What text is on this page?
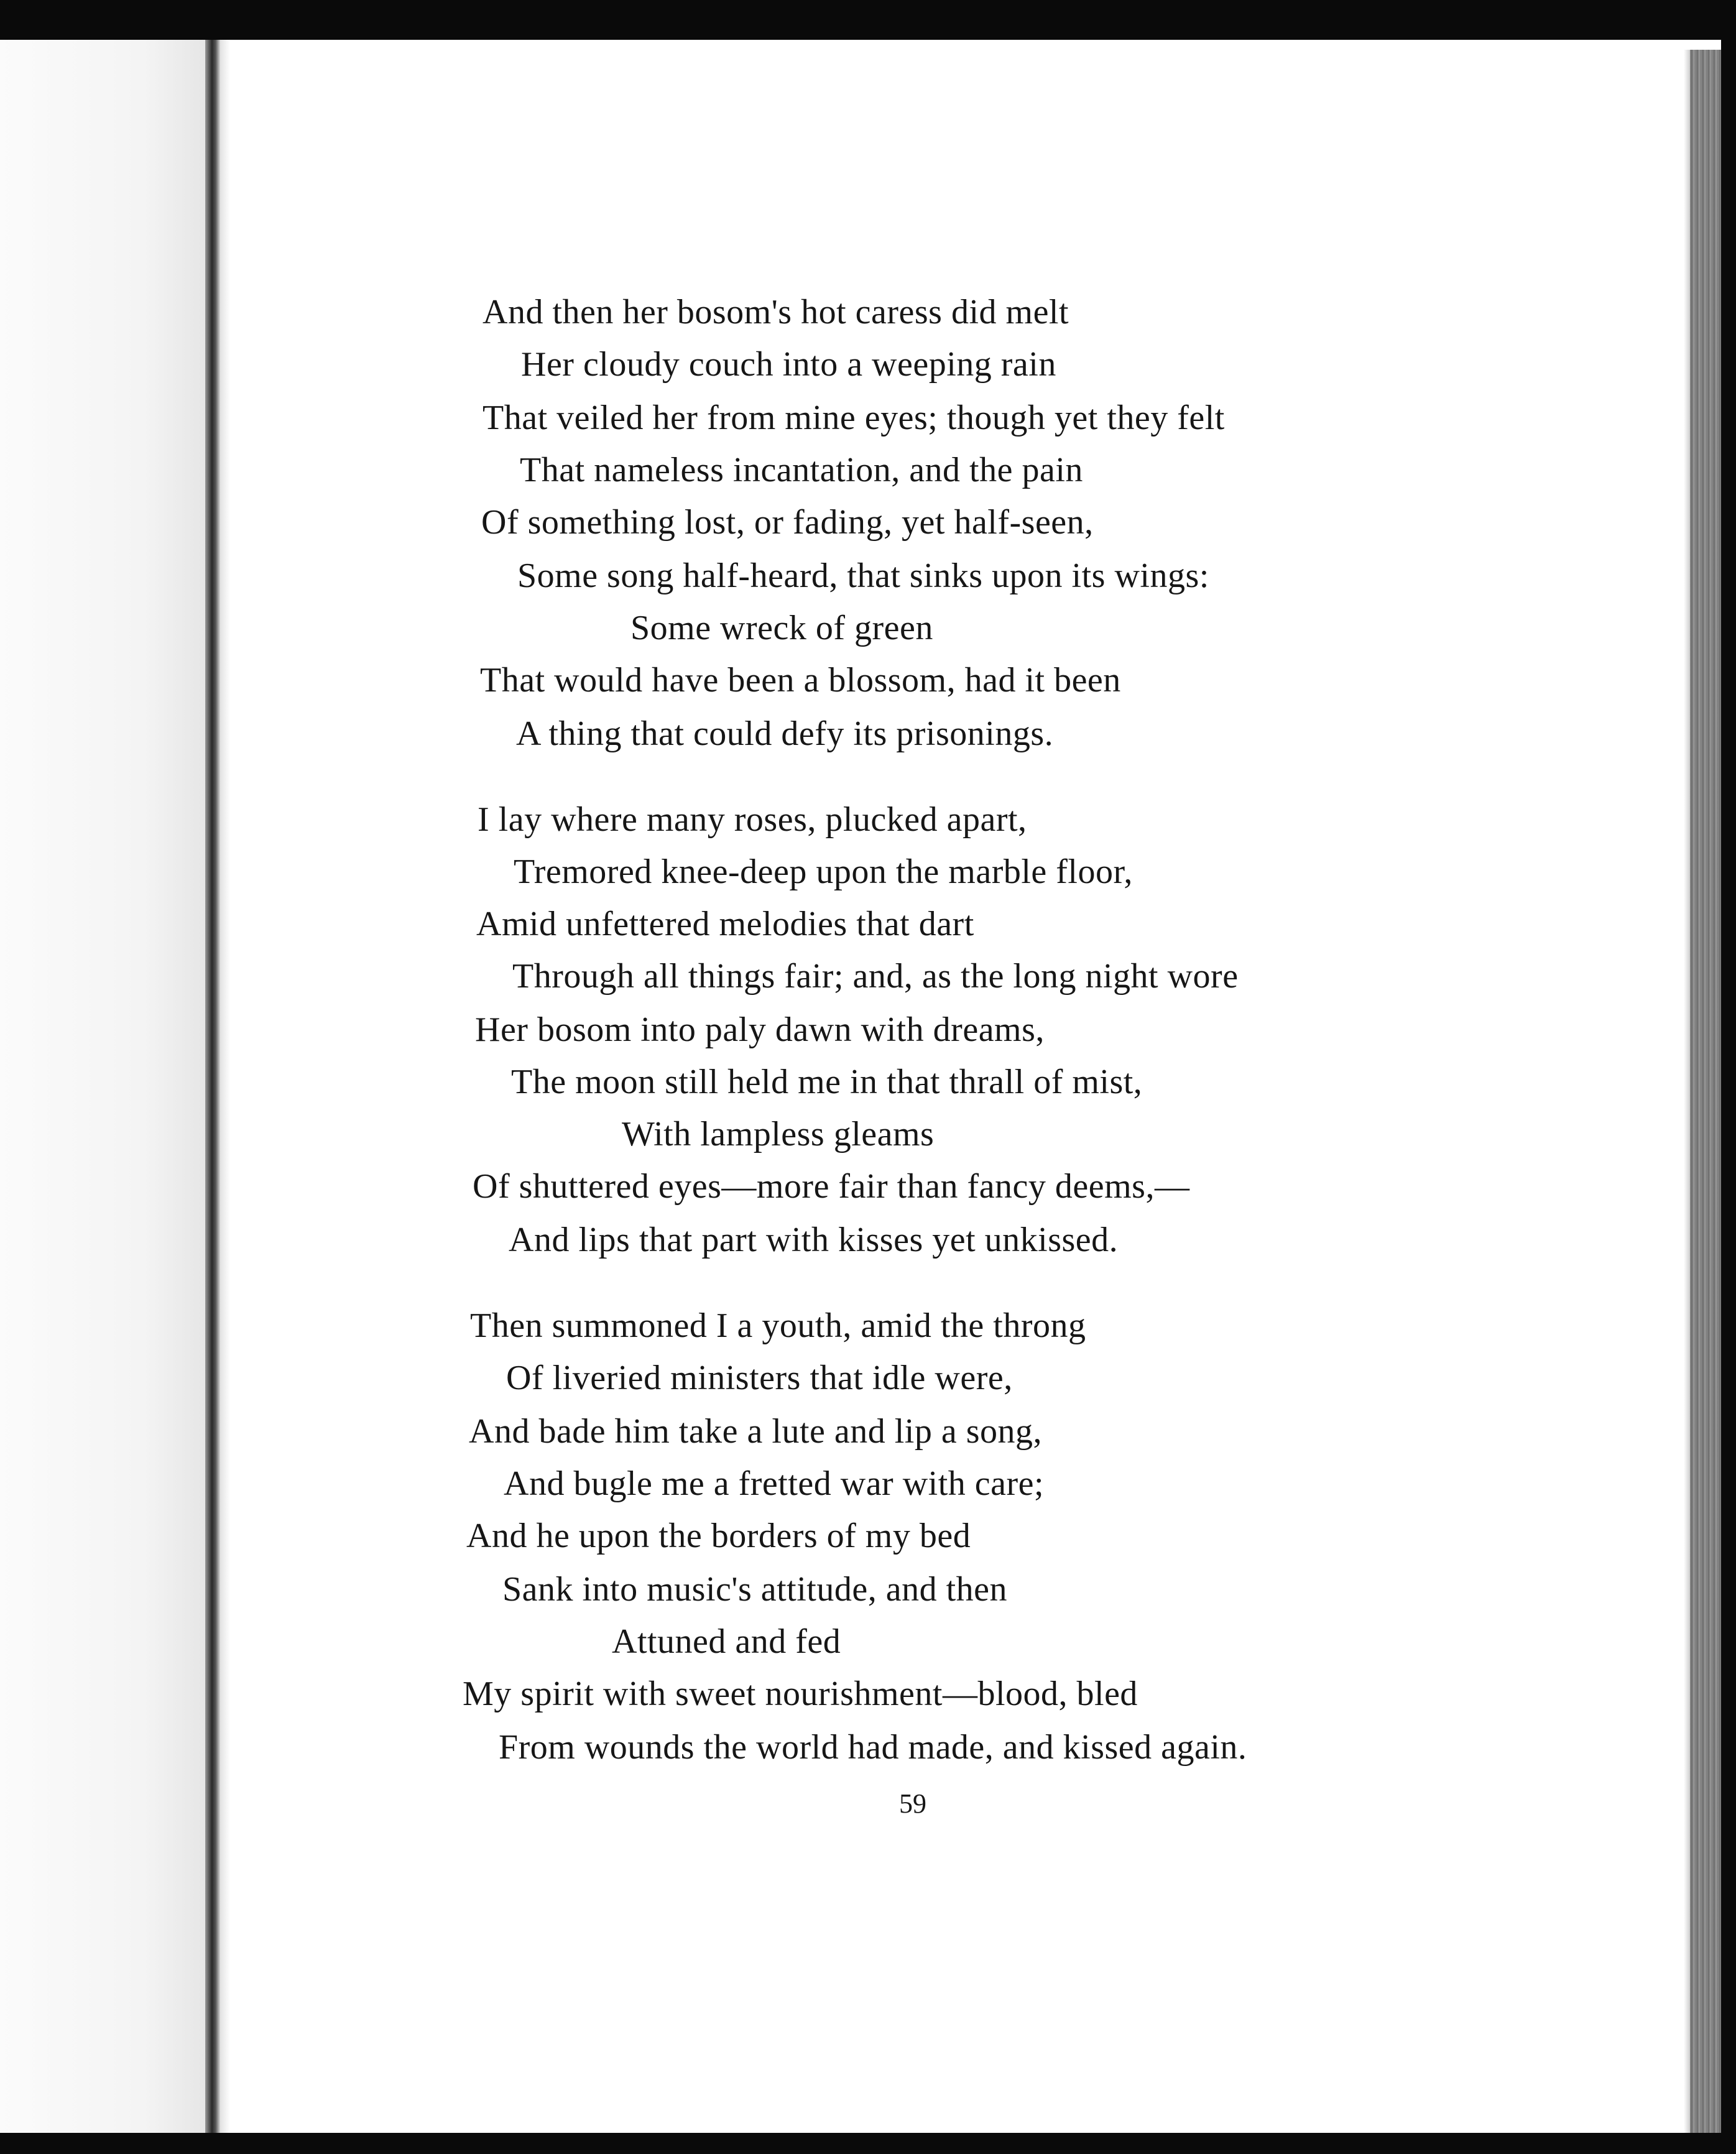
And then her bosom's hot caress did melt
Her cloudy couch into a weeping rain
That veiled her from mine eyes; though yet they felt
That nameless incantation, and the pain
Of something lost, or fading, yet half-seen,
Some song half-heard, that sinks upon its wings:
Some wreck of green
That would have been a blossom, had it been
A thing that could defy its prisonings.
I lay where many roses, plucked apart,
Tremored knee-deep upon the marble floor,
Amid unfettered melodies that dart
Through all things fair; and, as the long night wore
Her bosom into paly dawn with dreams,
The moon still held me in that thrall of mist,
With lampless gleams
Of shuttered eyes—more fair than fancy deems,—
And lips that part with kisses yet unkissed.
Then summoned I a youth, amid the throng
Of liveried ministers that idle were,
And bade him take a lute and lip a song,
And bugle me a fretted war with care;
And he upon the borders of my bed
Sank into music's attitude, and then
Attuned and fed
My spirit with sweet nourishment—blood, bled
From wounds the world had made, and kissed again.
59
